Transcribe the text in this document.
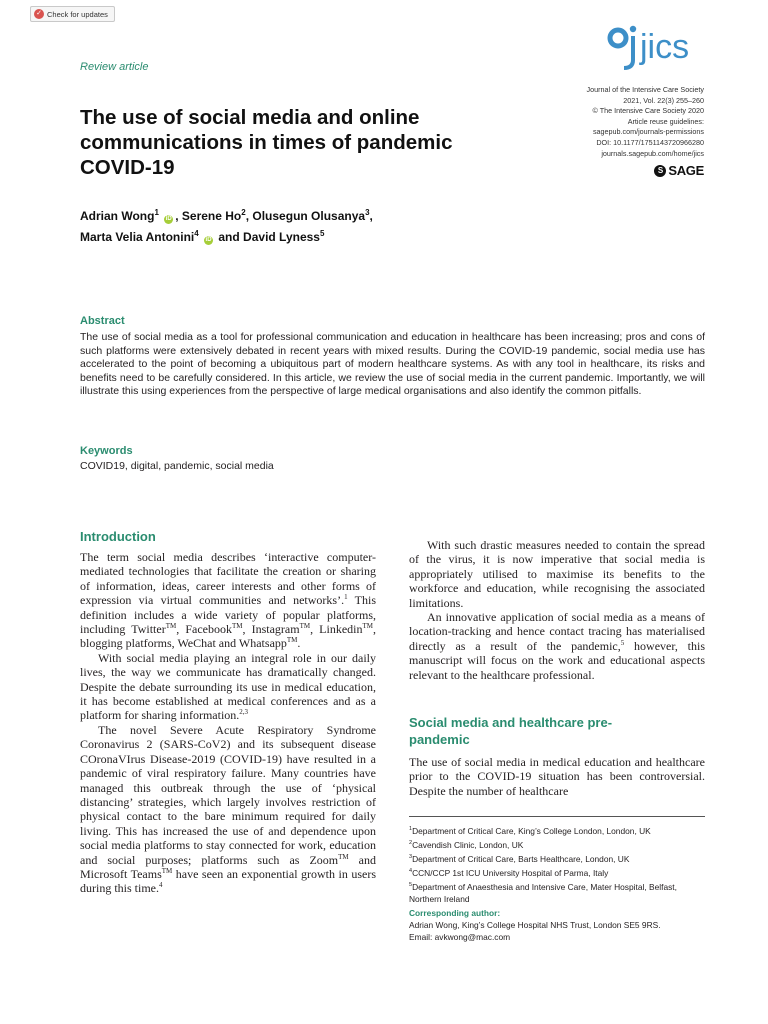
✓ Check for updates
jics
Review article
Journal of the Intensive Care Society
2021, Vol. 22(3) 255–260
© The Intensive Care Society 2020
Article reuse guidelines:
sagepub.com/journals-permissions
DOI: 10.1177/1751143720966280
journals.sagepub.com/home/jics
S SAGE
The use of social media and online communications in times of pandemic COVID-19
Adrian Wong$^1$ iD , Serene Ho$^2$, Olusegun Olusanya$^3$,
Marta Velia Antonini$^4$ iD and David Lyness$^5$
Abstract
The use of social media as a tool for professional communication and education in healthcare has been increasing; pros and cons of such platforms were extensively debated in recent years with mixed results. During the COVID-19 pandemic, social media use has accelerated to the point of becoming a ubiquitous part of modern healthcare systems. As with any tool in healthcare, its risks and benefits need to be carefully considered. In this article, we review the use of social media in the current pandemic. Importantly, we will illustrate this using experiences from the perspective of large medical organisations and also identify the common pitfalls.
Keywords
COVID19, digital, pandemic, social media
Introduction

The term social media describes ‘interactive computer-mediated technologies that facilitate the creation or sharing of information, ideas, career interests and other forms of expression via virtual communities and networks’.$^1$ This definition includes a wide variety of popular platforms, including Twitter™, Facebook™, Instagram™, Linkedin™, blogging platforms, WeChat and Whatsapp™.

With social media playing an integral role in our daily lives, the way we communicate has dramatically changed. Despite the debate surrounding its use in medical education, it has become established at medical conferences and as a platform for sharing information.$^{2,3}$

The novel Severe Acute Respiratory Syndrome Coronavirus 2 (SARS-CoV2) and its subsequent disease COronaVIrus Disease-2019 (COVID-19) have resulted in a pandemic of viral respiratory failure. Many countries have managed this outbreak through the use of ‘physical distancing’ strategies, which largely involves restriction of physical contact to the bare minimum required for daily living. This has increased the use of and dependence upon social media platforms to stay connected for work, education and social purposes; platforms such as Zoom™ and Microsoft Teams™ have seen an exponential growth in users during this time.$^4$

With such drastic measures needed to contain the spread of the virus, it is now imperative that social media is appropriately utilised to maximise its benefits to the workforce and education, while recognising the associated limitations.

An innovative application of social media as a means of location-tracking and hence contact tracing has materialised directly as a result of the pandemic,$^5$ however, this manuscript will focus on the work and educational aspects relevant to the healthcare professional.

Social media and healthcare pre-pandemic

The use of social media in medical education and healthcare prior to the COVID-19 situation has been controversial. Despite the number of healthcare

$^1$Department of Critical Care, King’s College London, London, UK
$^2$Cavendish Clinic, London, UK
$^3$Department of Critical Care, Barts Healthcare, London, UK
$^4$CCN/CCP 1st ICU University Hospital of Parma, Italy
$^5$Department of Anaesthesia and Intensive Care, Mater Hospital, Belfast, Northern Ireland
Corresponding author:
Adrian Wong, King’s College Hospital NHS Trust, London SE5 9RS.
Email: avkwong@mac.com
